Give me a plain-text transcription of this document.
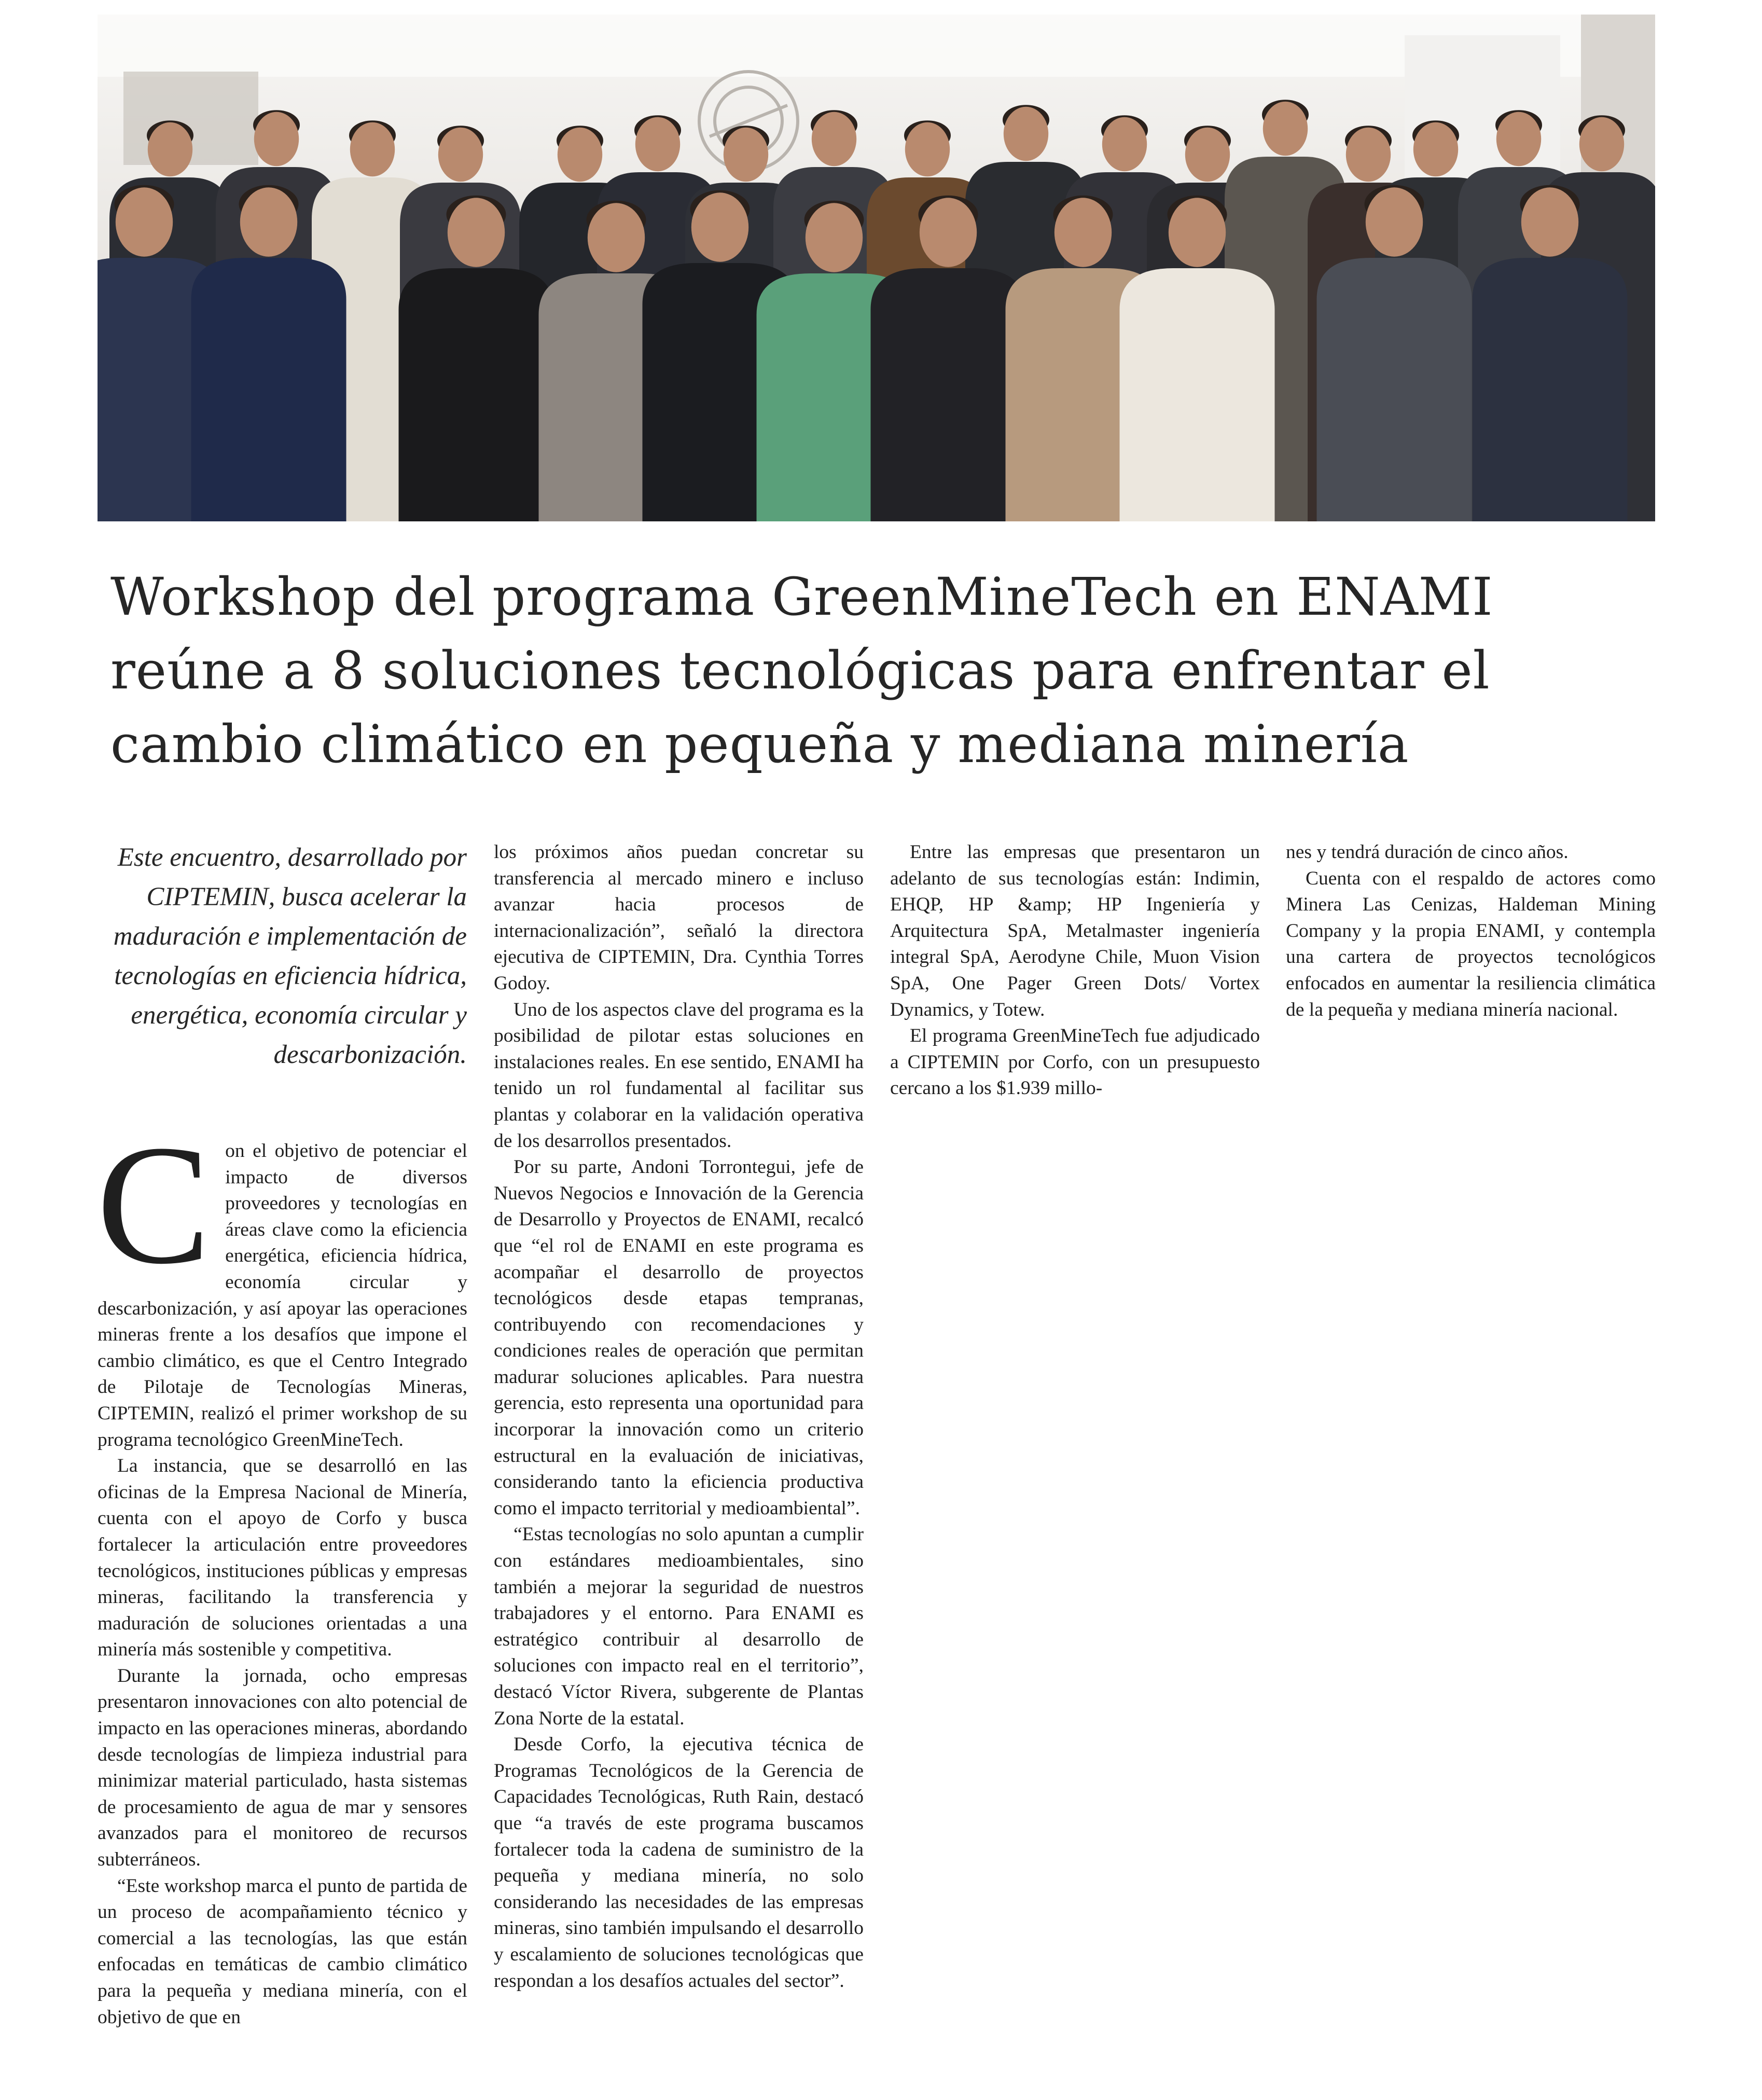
Workshop del programa GreenMineTech en ENAMI reúne a 8 soluciones tecnológicas para enfrentar el cambio climático en pequeña y mediana minería

Este encuentro, desarrollado por CIPTEMIN, busca acelerar la maduración e implementación de tecnologías en eficiencia hídrica, energética, economía circular y descarbonización.

Con el objetivo de potenciar el impacto de diversos proveedores y tecnologías en áreas clave como la eficiencia energética, eficiencia hídrica, economía circular y descarbonización, y así apoyar las operaciones mineras frente a los desafíos que impone el cambio climático, es que el Centro Integrado de Pilotaje de Tecnologías Mineras, CIPTEMIN, realizó el primer workshop de su programa tecnológico GreenMineTech.

La instancia, que se desarrolló en las oficinas de la Empresa Nacional de Minería, cuenta con el apoyo de Corfo y busca fortalecer la articulación entre proveedores tecnológicos, instituciones públicas y empresas mineras, facilitando la transferencia y maduración de soluciones orientadas a una minería más sostenible y competitiva.

Durante la jornada, ocho empresas presentaron innovaciones con alto potencial de impacto en las operaciones mineras, abordando desde tecnologías de limpieza industrial para minimizar material particulado, hasta sistemas de procesamiento de agua de mar y sensores avanzados para el monitoreo de recursos subterráneos.

“Este workshop marca el punto de partida de un proceso de acompañamiento técnico y comercial a las tecnologías, las que están enfocadas en temáticas de cambio climático para la pequeña y mediana minería, con el objetivo de que en

los próximos años puedan concretar su transferencia al mercado minero e incluso avanzar hacia procesos de internacionalización”, señaló la directora ejecutiva de CIPTEMIN, Dra. Cynthia Torres Godoy.

Uno de los aspectos clave del programa es la posibilidad de pilotar estas soluciones en instalaciones reales. En ese sentido, ENAMI ha tenido un rol fundamental al facilitar sus plantas y colaborar en la validación operativa de los desarrollos presentados.

Por su parte, Andoni Torrontegui, jefe de Nuevos Negocios e Innovación de la Gerencia de Desarrollo y Proyectos de ENAMI, recalcó que “el rol de ENAMI en este programa es acompañar el desarrollo de proyectos tecnológicos desde etapas tempranas, contribuyendo con recomendaciones y condiciones reales de operación que permitan madurar soluciones aplicables. Para nuestra gerencia, esto representa una oportunidad para incorporar la innovación como un criterio estructural en la evaluación de iniciativas, considerando tanto la eficiencia productiva como el impacto territorial y medioambiental”.

“Estas tecnologías no solo apuntan a cumplir con estándares medioambientales, sino también a mejorar la seguridad de nuestros trabajadores y el entorno. Para ENAMI es estratégico contribuir al desarrollo de soluciones con impacto real en el territorio”, destacó Víctor Rivera, subgerente de Plantas Zona Norte de la estatal.

Desde Corfo, la ejecutiva técnica de Programas Tecnológicos de la Gerencia de Capacidades Tecnológicas, Ruth Rain, destacó que “a través de este programa buscamos fortalecer toda la cadena de suministro de la pequeña y mediana minería, no solo considerando las necesidades de las empresas mineras, sino también impulsando el desarrollo y escalamiento de soluciones tecnológicas que respondan a los desafíos actuales del sector”.

Entre las empresas que presentaron un adelanto de sus tecnologías están: Indimin, EHQP, HP &amp; HP Ingeniería y Arquitectura SpA, Metalmaster ingeniería integral SpA, Aerodyne Chile, Muon Vision SpA, One Pager Green Dots/ Vortex Dynamics, y Totew.

El programa GreenMineTech fue adjudicado a CIPTEMIN por Corfo, con un presupuesto cercano a los $1.939 millo-

nes y tendrá duración de cinco años.

Cuenta con el respaldo de actores como Minera Las Cenizas, Haldeman Mining Company y la propia ENAMI, y contempla una cartera de proyectos tecnológicos enfocados en aumentar la resiliencia climática de la pequeña y mediana minería nacional.
